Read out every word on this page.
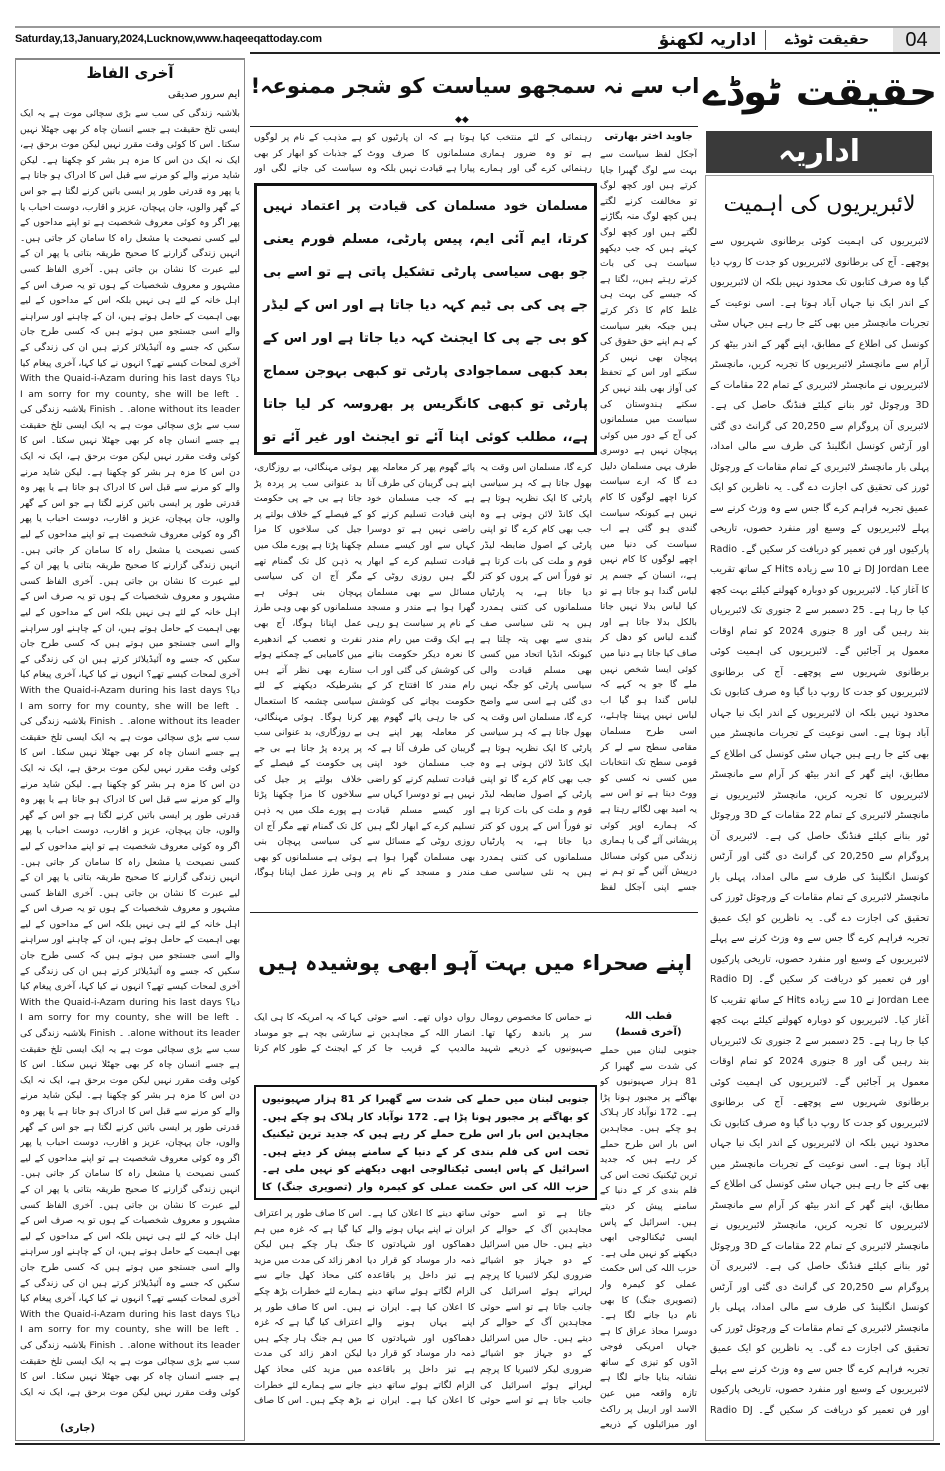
Saturday,13,January,2024,Lucknow,www.haqeeqattoday.com	اداریہ لکھنؤ	حقیقت ٹوڈے	04
آخری الفاظ
ایم سرور صدیقی
بلاشبہ زندگی کی سب سے بڑی سچائی موت ہے یہ ایک ایسی تلخ حقیقت ہے جسے انسان چاہ کر بھی جھٹلا نہیں سکتا۔ اس کا کوئی وقت مقرر نہیں لیکن موت برحق ہے، ایک نہ ایک دن اس کا مزہ ہر بشر کو چکھنا ہے۔ لیکن شاید مرنے والے کو مرنے سے قبل اس کا ادراک ہو جاتا ہے یا پھر وہ قدرتی طور پر ایسی باتیں کرنے لگتا ہے جو اس کے گھر والوں، جان پہچان، عزیز و اقارب، دوست احباب یا پھر اگر وہ کوئی معروف شخصیت ہے تو اپنے مداحوں کے لیے کسی نصیحت یا مشعل راہ کا سامان کر جاتی ہیں۔ انہیں زندگی گزارنے کا صحیح طریقہ بتاتی یا پھر ان کے لیے عبرت کا نشان بن جاتی ہیں۔ آخری الفاظ کسی مشہور و معروف شخصیات کے ہوں تو یہ صرف اس کے اہل خانہ کے لئے ہی نہیں بلکہ اس کے مداحوں کے لیے بھی اہمیت کے حامل ہوتے ہیں، ان کے چاہنے اور سراہنے والے اسی جستجو میں ہوتے ہیں کہ کسی طرح جان سکیں کہ جسے وہ آئیڈیلائز کرتے ہیں ان کی زندگی کے آخری لمحات کیسے تھے؟ انہوں نے کیا کہا، آخری پیغام کیا دیا؟ With the Quaid-i-Azam during his last days ۔ I am sorry for my county, she will be left alone without its leader. ۔ Finish بلاشبہ زندگی کی سب سے بڑی سچائی موت ہے یہ ایک ایسی تلخ حقیقت ہے جسے انسان چاہ کر بھی جھٹلا نہیں سکتا۔ اس کا کوئی وقت مقرر نہیں لیکن موت برحق ہے، ایک نہ ایک دن اس کا مزہ ہر بشر کو چکھنا ہے۔ لیکن شاید مرنے والے کو مرنے سے قبل اس کا ادراک ہو جاتا ہے یا پھر وہ قدرتی طور پر ایسی باتیں کرنے لگتا ہے جو اس کے گھر والوں، جان پہچان، عزیز و اقارب، دوست احباب یا پھر اگر وہ کوئی معروف شخصیت ہے تو اپنے مداحوں کے لیے کسی نصیحت یا مشعل راہ کا سامان کر جاتی ہیں۔ انہیں زندگی گزارنے کا صحیح طریقہ بتاتی یا پھر ان کے لیے عبرت کا نشان بن جاتی ہیں۔ آخری الفاظ کسی مشہور و معروف شخصیات کے ہوں تو یہ صرف اس کے اہل خانہ کے لئے ہی نہیں بلکہ اس کے مداحوں کے لیے بھی اہمیت کے حامل ہوتے ہیں، ان کے چاہنے اور سراہنے والے اسی جستجو میں ہوتے ہیں کہ کسی طرح جان سکیں کہ جسے وہ آئیڈیلائز کرتے ہیں ان کی زندگی کے آخری لمحات کیسے تھے؟ انہوں نے کیا کہا، آخری پیغام کیا دیا؟ With the Quaid-i-Azam during his last days ۔ I am sorry for my county, she will be left alone without its leader. ۔ Finish بلاشبہ زندگی کی سب سے بڑی سچائی موت ہے یہ ایک ایسی تلخ حقیقت ہے جسے انسان چاہ کر بھی جھٹلا نہیں سکتا۔ اس کا کوئی وقت مقرر نہیں لیکن موت برحق ہے، ایک نہ ایک دن اس کا مزہ ہر بشر کو چکھنا ہے۔ لیکن شاید مرنے والے کو مرنے سے قبل اس کا ادراک ہو جاتا ہے یا پھر وہ قدرتی طور پر ایسی باتیں کرنے لگتا ہے جو اس کے گھر والوں، جان پہچان، عزیز و اقارب، دوست احباب یا پھر اگر وہ کوئی معروف شخصیت ہے تو اپنے مداحوں کے لیے کسی نصیحت یا مشعل راہ کا سامان کر جاتی ہیں۔ انہیں زندگی گزارنے کا صحیح طریقہ بتاتی یا پھر ان کے لیے عبرت کا نشان بن جاتی ہیں۔ آخری الفاظ کسی مشہور و معروف شخصیات کے ہوں تو یہ صرف اس کے اہل خانہ کے لئے ہی نہیں بلکہ اس کے مداحوں کے لیے بھی اہمیت کے حامل ہوتے ہیں، ان کے چاہنے اور سراہنے والے اسی جستجو میں ہوتے ہیں کہ کسی طرح جان سکیں کہ جسے وہ آئیڈیلائز کرتے ہیں ان کی زندگی کے آخری لمحات کیسے تھے؟ انہوں نے کیا کہا، آخری پیغام کیا دیا؟ With the Quaid-i-Azam during his last days ۔ I am sorry for my county, she will be left alone without its leader. ۔ Finish بلاشبہ زندگی کی سب سے بڑی سچائی موت ہے یہ ایک ایسی تلخ حقیقت ہے جسے انسان چاہ کر بھی جھٹلا نہیں سکتا۔ اس کا کوئی وقت مقرر نہیں لیکن موت برحق ہے، ایک نہ ایک دن اس کا مزہ ہر بشر کو چکھنا ہے۔ لیکن شاید مرنے والے کو مرنے سے قبل اس کا ادراک ہو جاتا ہے یا پھر وہ قدرتی طور پر ایسی باتیں کرنے لگتا ہے جو اس کے گھر والوں، جان پہچان، عزیز و اقارب، دوست احباب یا پھر اگر وہ کوئی معروف شخصیت ہے تو اپنے مداحوں کے لیے کسی نصیحت یا مشعل راہ کا سامان کر جاتی ہیں۔ انہیں زندگی گزارنے کا صحیح طریقہ بتاتی یا پھر ان کے لیے عبرت کا نشان بن جاتی ہیں۔ آخری الفاظ کسی مشہور و معروف شخصیات کے ہوں تو یہ صرف اس کے اہل خانہ کے لئے ہی نہیں بلکہ اس کے مداحوں کے لیے بھی اہمیت کے حامل ہوتے ہیں، ان کے چاہنے اور سراہنے والے اسی جستجو میں ہوتے ہیں کہ کسی طرح جان سکیں کہ جسے وہ آئیڈیلائز کرتے ہیں ان کی زندگی کے آخری لمحات کیسے تھے؟ انہوں نے کیا کہا، آخری پیغام کیا دیا؟ With the Quaid-i-Azam during his last days ۔ I am sorry for my county, she will be left alone without its leader. ۔ Finish بلاشبہ زندگی کی سب سے بڑی سچائی موت ہے یہ ایک ایسی تلخ حقیقت ہے جسے انسان چاہ کر بھی جھٹلا نہیں سکتا۔ اس کا کوئی وقت مقرر نہیں لیکن موت برحق ہے، ایک نہ ایک
(جاری)
حقیقت ٹوڈے
اداریہ
لائبریریوں کی اہمیت
لائبریریوں کی اہمیت کوئی برطانوی شہریوں سے پوچھے۔ آج کی برطانوی لائبریریوں کو جدت کا روپ دیا گیا وہ صرف کتابوں تک محدود نہیں بلکہ ان لائبریریوں کے اندر ایک نیا جہاں آباد ہوتا ہے۔ اسی نوعیت کے تجربات مانچسٹر میں بھی کئے جا رہے ہیں جہاں سٹی کونسل کی اطلاع کے مطابق، اپنے گھر کے اندر بیٹھ کر آرام سے مانچسٹر لائبریریوں کا تجربہ کریں، مانچسٹر لائبریریوں نے مانچسٹر لائبریری کے تمام 22 مقامات کے 3D ورچوئل ٹور بنانے کیلئے فنڈنگ حاصل کی ہے۔ لائبریری آن پروگرام سے 20,250 کی گرانٹ دی گئی اور آرٹس کونسل انگلینڈ کی طرف سے مالی امداد، پہلی بار مانچسٹر لائبریری کے تمام مقامات کے ورچوئل ٹورز کی تحقیق کی اجازت دے گی۔ یہ ناظرین کو ایک عمیق تجربہ فراہم کرے گا جس سے وہ وزٹ کرنے سے پہلے لائبریریوں کے وسیع اور منفرد حصوں، تاریخی پارکیوں اور فن تعمیر کو دریافت کر سکیں گے۔ Radio DJ Jordan Lee نے 10 سے زیادہ Hits کے ساتھ تقریب کا آغاز کیا۔ لائبریریوں کو دوبارہ کھولنے کیلئے بہت کچھ کیا جا رہا ہے۔ 25 دسمبر سے 2 جنوری تک لائبریریاں بند رہیں گی اور 8 جنوری 2024 کو تمام اوقات معمول پر آجائیں گے۔ لائبریریوں کی اہمیت کوئی برطانوی شہریوں سے پوچھے۔ آج کی برطانوی لائبریریوں کو جدت کا روپ دیا گیا وہ صرف کتابوں تک محدود نہیں بلکہ ان لائبریریوں کے اندر ایک نیا جہاں آباد ہوتا ہے۔ اسی نوعیت کے تجربات مانچسٹر میں بھی کئے جا رہے ہیں جہاں سٹی کونسل کی اطلاع کے مطابق، اپنے گھر کے اندر بیٹھ کر آرام سے مانچسٹر لائبریریوں کا تجربہ کریں، مانچسٹر لائبریریوں نے مانچسٹر لائبریری کے تمام 22 مقامات کے 3D ورچوئل ٹور بنانے کیلئے فنڈنگ حاصل کی ہے۔ لائبریری آن پروگرام سے 20,250 کی گرانٹ دی گئی اور آرٹس کونسل انگلینڈ کی طرف سے مالی امداد، پہلی بار مانچسٹر لائبریری کے تمام مقامات کے ورچوئل ٹورز کی تحقیق کی اجازت دے گی۔ یہ ناظرین کو ایک عمیق تجربہ فراہم کرے گا جس سے وہ وزٹ کرنے سے پہلے لائبریریوں کے وسیع اور منفرد حصوں، تاریخی پارکیوں اور فن تعمیر کو دریافت کر سکیں گے۔ Radio DJ Jordan Lee نے 10 سے زیادہ Hits کے ساتھ تقریب کا آغاز کیا۔ لائبریریوں کو دوبارہ کھولنے کیلئے بہت کچھ کیا جا رہا ہے۔ 25 دسمبر سے 2 جنوری تک لائبریریاں بند رہیں گی اور 8 جنوری 2024 کو تمام اوقات معمول پر آجائیں گے۔ لائبریریوں کی اہمیت کوئی برطانوی شہریوں سے پوچھے۔ آج کی برطانوی لائبریریوں کو جدت کا روپ دیا گیا وہ صرف کتابوں تک محدود نہیں بلکہ ان لائبریریوں کے اندر ایک نیا جہاں آباد ہوتا ہے۔ اسی نوعیت کے تجربات مانچسٹر میں بھی کئے جا رہے ہیں جہاں سٹی کونسل کی اطلاع کے مطابق، اپنے گھر کے اندر بیٹھ کر آرام سے مانچسٹر لائبریریوں کا تجربہ کریں، مانچسٹر لائبریریوں نے مانچسٹر لائبریری کے تمام 22 مقامات کے 3D ورچوئل ٹور بنانے کیلئے فنڈنگ حاصل کی ہے۔ لائبریری آن پروگرام سے 20,250 کی گرانٹ دی گئی اور آرٹس کونسل انگلینڈ کی طرف سے مالی امداد، پہلی بار مانچسٹر لائبریری کے تمام مقامات کے ورچوئل ٹورز کی تحقیق کی اجازت دے گی۔ یہ ناظرین کو ایک عمیق تجربہ فراہم کرے گا جس سے وہ وزٹ کرنے سے پہلے لائبریریوں کے وسیع اور منفرد حصوں، تاریخی پارکیوں اور فن تعمیر کو دریافت کر سکیں گے۔ Radio DJ
اب سے نہ سمجھو سیاست کو شجر ممنوعہ!
◆◆
جاوید اختر بھارتی
آجکل لفظ سیاست سے بہت سے لوگ گھبرا جایا کرتے ہیں اور کچھ لوگ تو مخالفت کرنے لگتے ہیں کچھ لوگ منہ بگاڑنے لگتے ہیں اور کچھ لوگ کہتے ہیں کہ جب دیکھو سیاست ہی کی بات کرتے رہتے ہیں،، لگتا ہے کہ جیسے کی بہت ہی غلط کام کا ذکر کرتے ہیں جبکہ بغیر سیاست کے ہم اپنے حق حقوق کی پہچان بھی نہیں کر سکتے اور اس کے تحفظ کی آواز بھی بلند نہیں کر سکتے ہندوستان کی سیاست میں مسلمانوں کی آج کے دور میں کوئی پہچان نہیں ہے دوسری طرف یہی مسلمان دلیل دے گا کہ ارے سیاست کرنا اچھے لوگوں کا کام نہیں ہے کیونکہ سیاست گندی ہو گئی ہے اب سیاست کی دنیا میں اچھے لوگوں کا کام نہیں ہے،، انسان کے جسم پر لباس گندا ہو جاتا ہے تو کیا لباس بدلا نہیں جاتا بالکل بدلا جاتا ہے اور گندے لباس کو دھل کر صاف کیا جاتا ہے دنیا میں کوئی ایسا شخص نہیں ملے گا جو یہ کہے کہ لباس گندا ہو گیا اب لباس نہیں پہننا چاہئے،، اسی طرح مسلمان مقامی سطح سے لے کر قومی سطح تک انتخابات میں کسی نہ کسی کو ووٹ دیتا ہے تو اس سے یہ امید بھی لگائے رہتا ہے کہ ہمارے اوپر کوئی پریشانی آئے گی یا ہماری زندگی میں کوئی مسائل درپیش آئیں گے تو ہم نے جسے اپنی آجکل لفظ
رہنمائی کے لئے منتخب کیا ہے تو وہ ضرور ہماری رہنمائی کرے گی اور ہمارے
ہوتا ہے کہ ان پارٹیوں کو مسلمانوں کا صرف ووٹ پیارا ہے قیادت نہیں بلکہ وہ
ہے مذہب کے نام پر لوگوں کے جذبات کو ابھار کر بھی سیاست کی جانے لگی اور
مسلمان خود مسلمان کی قیادت پر اعتماد نہیں کرتا، ایم آئی ایم، پیس پارٹی، مسلم فورم یعنی جو بھی سیاسی پارٹی تشکیل پاتی ہے تو اسے بی جے پی کی بی ٹیم کہہ دیا جاتا ہے اور اس کے لیڈر کو بی جے پی کا ایجنٹ کہہ دیا جاتا ہے اور اس کے بعد کبھی سماجوادی پارٹی تو کبھی بہوجن سماج پارٹی تو کبھی کانگریس پر بھروسہ کر لیا جاتا ہے،، مطلب کوئی اپنا آئے تو ایجنٹ اور غیر آئے تو
کرے گا، مسلمان اس وقت یہ بھول جاتا ہے کہ ہر سیاسی پارٹی کا ایک نظریہ ہوتا ہے ایک کانڈ لائن ہوتی ہے وہ جب بھی کام کرے گا تو اپنی پارٹی کے اصول ضابطہ لیڈر قوم و ملت کی بات کرتا ہے تو فوراً اس کے پروں کو کتر دیا جاتا ہے، یہ پارٹیاں مسلمانوں کی کتنی ہمدرد ہیں یہ نئی سیاسی صف بندی سے بھی پتہ چلتا ہے کیونکہ انڈیا اتحاد میں کسی بھی مسلم قیادت والی سیاسی پارٹی کو جگہ نہیں دی گئی ہے اسی سے واضح کرے گا، مسلمان اس وقت یہ بھول جاتا ہے کہ ہر سیاسی پارٹی کا ایک نظریہ ہوتا ہے ایک کانڈ لائن ہوتی ہے وہ جب بھی کام کرے گا تو اپنی پارٹی کے اصول ضابطہ لیڈر قوم و ملت کی بات کرتا ہے تو فوراً اس کے پروں کو کتر دیا جاتا ہے، یہ پارٹیاں مسلمانوں کی کتنی ہمدرد ہیں یہ نئی سیاسی صف
پائے گھوم پھر کر معاملہ پھر اپنے ہی گریبان کی طرف آتا ہے کہ جب مسلمان خود اپنی قیادت تسلیم کرنے کو راضی نہیں ہے تو دوسرا کہاں سے اور کیسے مسلم قیادت تسلیم کرے کے ابھار لگے ہیں روزی روٹی کے مسائل سے بھی مسلمان گھرا ہوا ہے مندر و مسجد کے نام پر سیاست ہو رہی ہے ایک وقت میں رام مندر کا نعرہ دیکر حکومت بنانے کی کوشش کی گئی اور اب رام مندر کا افتتاح کر کے حکومت بچانے کی کوشش کی جا رہی پائے گھوم پھر کر معاملہ پھر اپنے ہی گریبان کی طرف آتا ہے کہ جب مسلمان خود اپنی قیادت تسلیم کرنے کو راضی نہیں ہے تو دوسرا کہاں سے اور کیسے مسلم قیادت تسلیم کرے کے ابھار لگے ہیں روزی روٹی کے مسائل سے بھی مسلمان گھرا ہوا ہے مندر و مسجد کے نام پر
ہوئی مہنگائی، بے روزگاری، بد عنوانی سب پر پردہ پڑ جاتا ہے بی جے پی حکومت کے فیصلے کے خلاف بولتے پر جیل کی سلاخوں کا مزا چکھنا پڑتا ہے پورے ملک میں یہ ذہن کل تک گمنام تھے مگر آج ان کی سیاسی پہچان بنی ہوئی ہے مسلمانوں کو بھی وہی طرز عمل اپنانا ہوگا، آج بھی نفرت و تعصب کے اندھیرے میں کامیابی کے چمکتے ہوئے ستارے بھی نظر آتے ہیں بشرطیکہ دیکھنے کے لئے سیاسی چشمہ کا استعمال کرنا ہوگا۔ ہوئی مہنگائی، بے روزگاری، بد عنوانی سب پر پردہ پڑ جاتا ہے بی جے پی حکومت کے فیصلے کے خلاف بولتے پر جیل کی سلاخوں کا مزا چکھنا پڑتا ہے پورے ملک میں یہ ذہن کل تک گمنام تھے مگر آج ان کی سیاسی پہچان بنی ہوئی ہے مسلمانوں کو بھی وہی طرز عمل اپنانا ہوگا،
اپنے صحراء میں بہت آہو ابھی پوشیدہ ہیں
قطب اللہ
(آخری قسط)
جنوبی لبنان میں حملے کی شدت سے گھبرا کر 81 ہزار صہیونیوں کو بھاگنے پر مجبور ہونا پڑا ہے۔ 172 نوآباد کار ہلاک ہو چکے ہیں۔ مجاہدین اس بار اس طرح حملے کر رہے ہیں کہ جدید ترین ٹیکنیک تحت اس کی فلم بندی کر کے دنیا کے سامنے پیش کر دیتے ہیں۔ اسرائیل کے پاس ایسی ٹیکنالوجی ابھی دیکھنے کو نہیں ملی ہے۔ حزب اللہ کی اس حکمت عملی کو کیمرہ وار (تصویری جنگ) کا بھی نام دیا جانے لگا ہے۔ دوسرا محاذ عراق کا ہے جہاں امریکی فوجی اڈوں کو تیزی کے ساتھ نشانہ بنایا جانے لگا ہے تازہ واقعہ میں عین الاسد اور اربیل پر راکٹ اور میزائیلوں کے ذریعے
نے حماس کا مخصوص رومال سر پر باندھ رکھا تھا۔ صہیونیوں کے ذریعے شہید
رواں دواں تھے۔ اسے حوثی انصار اللہ کے مجاہدین نے مالدیپ کے قریب جا کر
کہا کہ یہ امریکہ کا ہی ایک سازشی بچہ ہے جو موساد کے ایجنٹ کے طور کام کرتا
جنوبی لبنان میں حملے کی شدت سے گھبرا کر 81 ہزار صہیونیوں کو بھاگنے پر مجبور ہونا پڑا ہے۔ 172 نوآباد کار ہلاک ہو چکے ہیں۔ مجاہدین اس بار اس طرح حملے کر رہے ہیں کہ جدید ترین ٹیکنیک تحت اس کی فلم بندی کر کے دنیا کے سامنے پیش کر دیتے ہیں۔ اسرائیل کے پاس ایسی ٹیکنالوجی ابھی دیکھنے کو نہیں ملی ہے۔ حزب اللہ کی اس حکمت عملی کو کیمرہ وار (تصویری جنگ) کا
جاتا ہے تو اسے حوثی مجاہدین آگ کے حوالے کر دیتے ہیں۔ حال میں اسرائیل کے دو جہاز جو اشیائے ضروری لیکر لائبیریا کا پرچم لہراتے ہوئے اسرائیل کی جانب جاتا ہے تو اسے حوثی مجاہدین آگ کے حوالے کر دیتے ہیں۔ حال میں اسرائیل کے دو جہاز جو اشیائے ضروری لیکر لائبیریا کا پرچم لہراتے ہوئے اسرائیل کی جانب جاتا ہے تو اسے حوثی
ساتھ دینے کا اعلان کیا ہے۔ ایران نے اپنے یہاں ہونے والے دھماکوں اور شہادتوں کا ذمہ دار موساد کو قرار دیا ہے تیز داخل پر باقاعدہ الزام لگاتے ہوئے ساتھ دینے کا اعلان کیا ہے۔ ایران نے اپنے یہاں ہونے والے دھماکوں اور شہادتوں کا ذمہ دار موساد کو قرار دیا ہے تیز داخل پر باقاعدہ الزام لگاتے ہوئے ساتھ دینے کا اعلان کیا ہے۔ ایران نے
اس کا صاف طور پر اعتراف کیا گیا ہے کہ غزہ میں ہم جنگ ہار چکے ہیں لیکن ادھر زائد کی مدت میں مزید کئی محاذ کھل جانے سے ہمارے لئے خطرات بڑھ چکے ہیں۔ اس کا صاف طور پر اعتراف کیا گیا ہے کہ غزہ میں ہم جنگ ہار چکے ہیں لیکن ادھر زائد کی مدت میں مزید کئی محاذ کھل جانے سے ہمارے لئے خطرات بڑھ چکے ہیں۔ اس کا صاف
